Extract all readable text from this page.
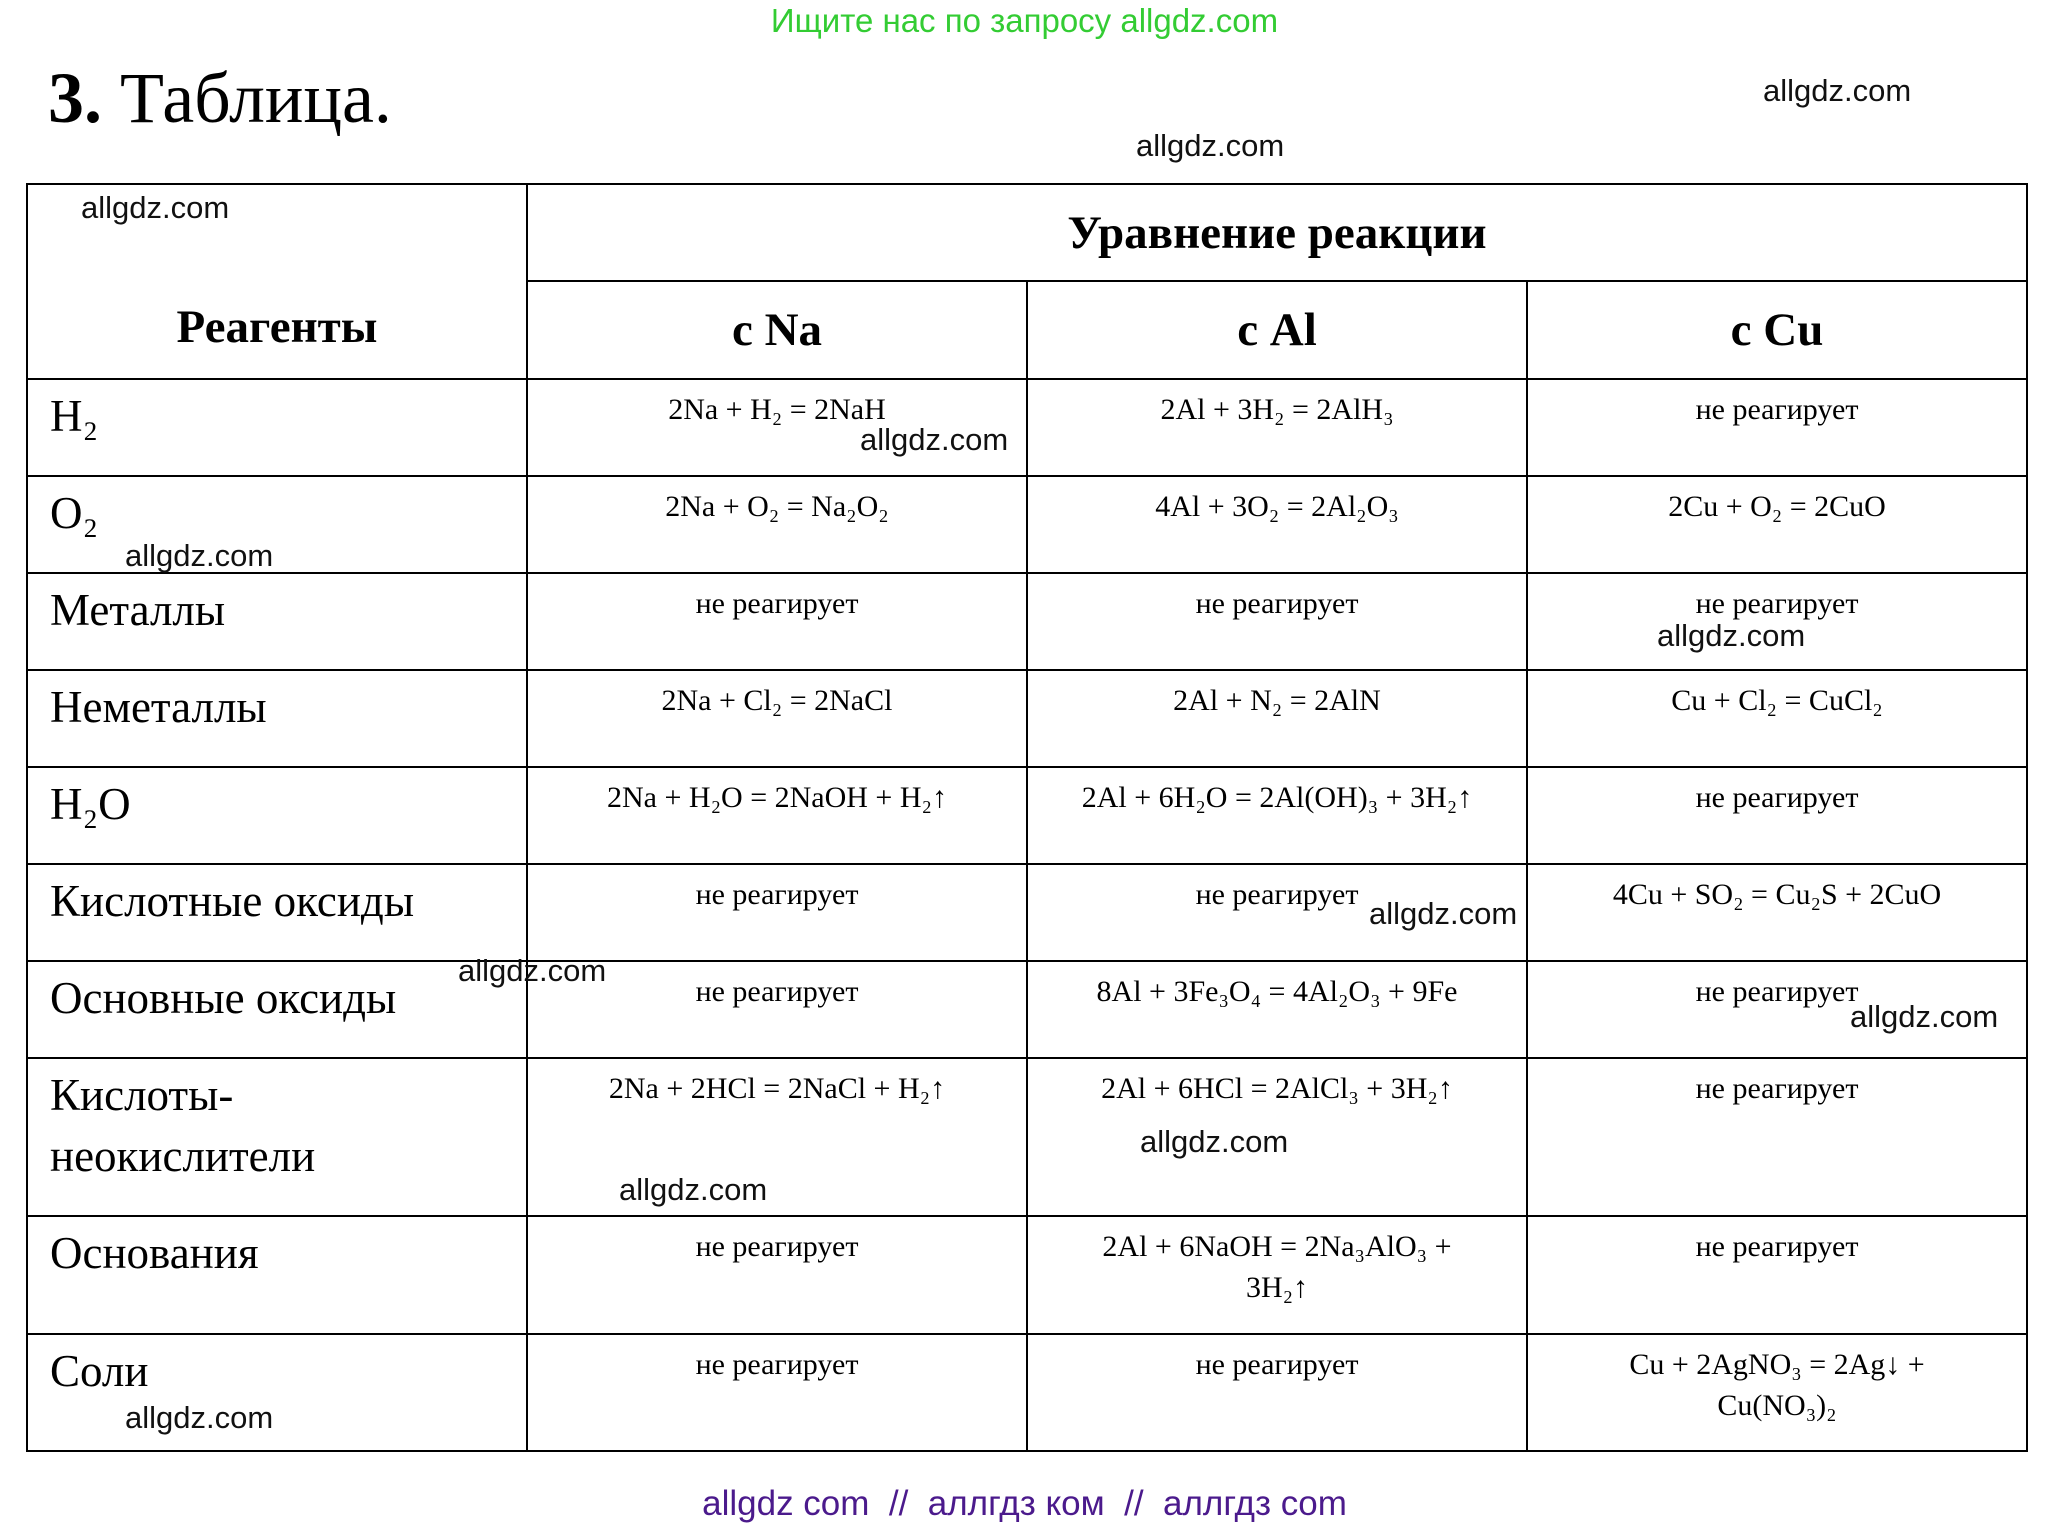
Ищите нас по запросу allgdz.com
3. Таблица.
Реагенты	Уравнение реакции		
	с Na	с Al	с Cu
H₂	2Na + H₂ = 2NaH	2Al + 3H₂ = 2AlH₃	не реагирует
O₂	2Na + O₂ = Na₂O₂	4Al + 3O₂ = 2Al₂O₃	2Cu + O₂ = 2CuO
Металлы	не реагирует	не реагирует	не реагирует
Неметаллы	2Na + Cl₂ = 2NaCl	2Al + N₂ = 2AlN	Cu + Cl₂ = CuCl₂
H₂O	2Na + H₂O = 2NaOH + H₂↑	2Al + 6H₂O = 2Al(OH)₃ + 3H₂↑	не реагирует
Кислотные оксиды	не реагирует	не реагирует	4Cu + SO₂ = Cu₂S + 2CuO
Основные оксиды	не реагирует	8Al + 3Fe₃O₄ = 4Al₂O₃ + 9Fe	не реагирует
Кислоты-неокислители	2Na + 2HCl = 2NaCl + H₂↑	2Al + 6HCl = 2AlCl₃ + 3H₂↑	не реагирует
Основания	не реагирует	2Al + 6NaOH = 2Na₃AlO₃ + 3H₂↑	не реагирует
Соли	не реагирует	не реагирует	Cu + 2AgNO₃ = 2Ag↓ + Cu(NO₃)₂
allgdz.com
allgdz.com
allgdz.com
allgdz.com
allgdz.com
allgdz.com
allgdz.com
allgdz.com
allgdz.com
allgdz.com
allgdz.com
allgdz.com
allgdz com  //  аллгдз ком  //  аллгдз com
